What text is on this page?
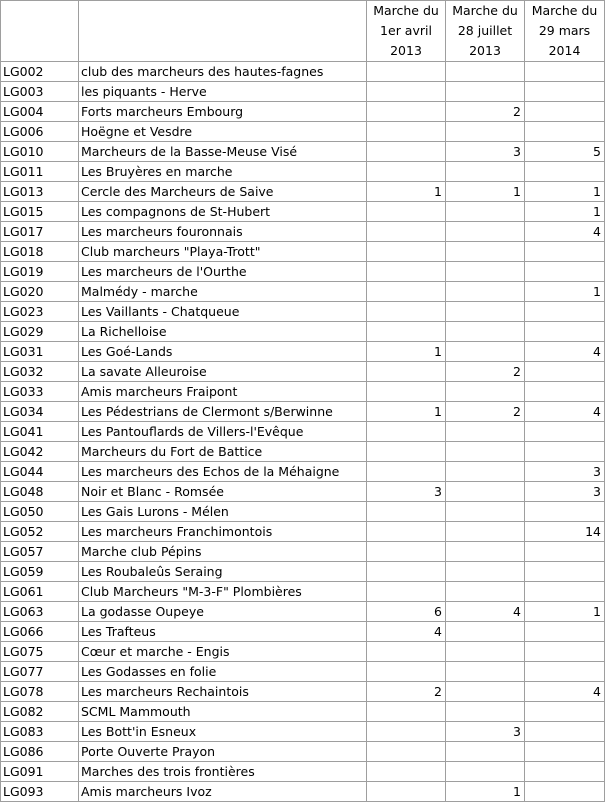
		Marche du 1er avril 2013	Marche du 28 juillet 2013	Marche du 29 mars 2014
LG002	club des marcheurs des hautes-fagnes			
LG003	les piquants - Herve			
LG004	Forts marcheurs Embourg		2	
LG006	Hoëgne et Vesdre			
LG010	Marcheurs de la Basse-Meuse Visé		3	5
LG011	Les Bruyères en marche			
LG013	Cercle des Marcheurs de Saive	1	1	1
LG015	Les compagnons de St-Hubert			1
LG017	Les marcheurs fouronnais			4
LG018	Club marcheurs "Playa-Trott"			
LG019	Les marcheurs de l'Ourthe			
LG020	Malmédy - marche			1
LG023	Les Vaillants - Chatqueue			
LG029	La Richelloise			
LG031	Les Goé-Lands	1		4
LG032	La savate Alleuroise		2	
LG033	Amis marcheurs Fraipont			
LG034	Les Pédestrians de Clermont s/Berwinne	1	2	4
LG041	Les Pantouflards de Villers-l'Evêque			
LG042	Marcheurs du Fort de Battice			
LG044	Les marcheurs des Echos de la Méhaigne			3
LG048	Noir et Blanc - Romsée	3		3
LG050	Les Gais Lurons - Mélen			
LG052	Les marcheurs Franchimontois			14
LG057	Marche club Pépins			
LG059	Les Roubaleûs Seraing			
LG061	Club Marcheurs "M-3-F" Plombières			
LG063	La godasse Oupeye	6	4	1
LG066	Les Trafteus	4		
LG075	Cœur et marche - Engis			
LG077	Les Godasses en folie			
LG078	Les marcheurs Rechaintois	2		4
LG082	SCML Mammouth			
LG083	Les Bott'in Esneux		3	
LG086	Porte Ouverte Prayon			
LG091	Marches des trois frontières			
LG093	Amis marcheurs Ivoz		1	
